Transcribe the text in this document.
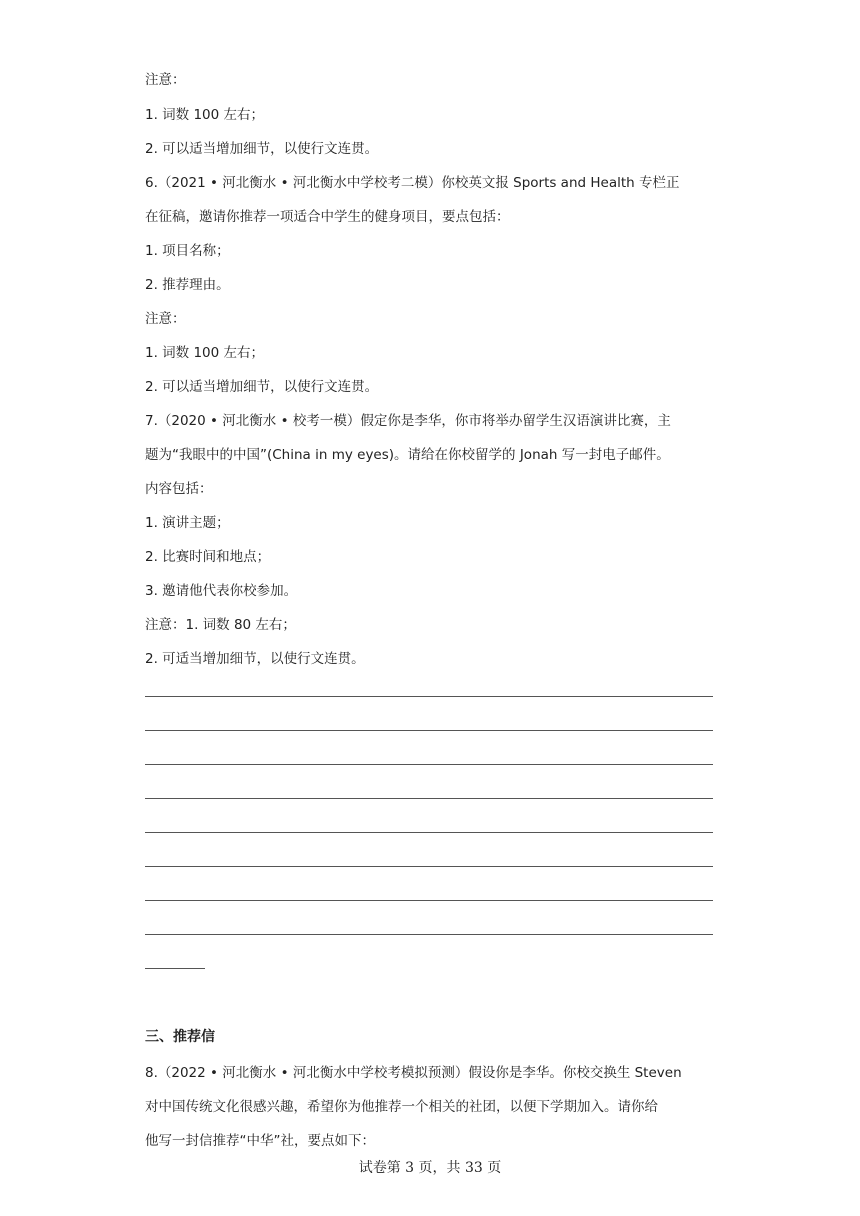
注意：
1. 词数 100 左右；
2. 可以适当增加细节，以使行文连贯。
6.（2021 • 河北衡水 • 河北衡水中学校考二模）你校英文报 Sports and Health 专栏正
在征稿，邀请你推荐一项适合中学生的健身项目，要点包括：
1. 项目名称；
2. 推荐理由。
注意：
1. 词数 100 左右；
2. 可以适当增加细节，以使行文连贯。
7.（2020 • 河北衡水 • 校考一模）假定你是李华，你市将举办留学生汉语演讲比赛，主
题为“我眼中的中国”(China in my eyes)。请给在你校留学的 Jonah 写一封电子邮件。
内容包括：
1. 演讲主题；
2. 比赛时间和地点；
3. 邀请他代表你校参加。
注意：1. 词数 80 左右；
2. 可适当增加细节，以使行文连贯。
三、推荐信
8.（2022 • 河北衡水 • 河北衡水中学校考模拟预测）假设你是李华。你校交换生 Steven
对中国传统文化很感兴趣，希望你为他推荐一个相关的社团，以便下学期加入。请你给
他写一封信推荐“中华”社，要点如下：
试卷第 3 页，共 33 页
